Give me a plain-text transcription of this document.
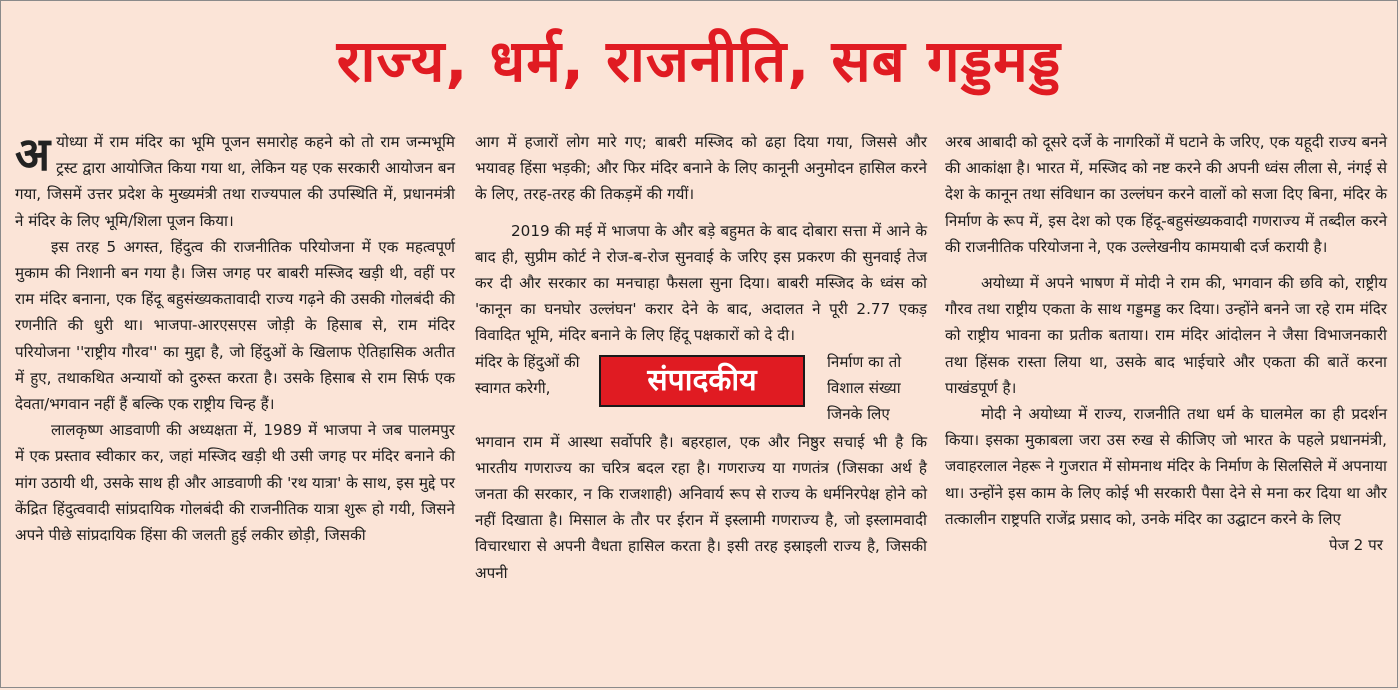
राज्य, धर्म, राजनीति, सब गड्डमड्ड

अयोध्या में राम मंदिर का भूमि पूजन समारोह कहने को तो राम जन्मभूमि ट्रस्ट द्वारा आयोजित किया गया था, लेकिन यह एक सरकारी आयोजन बन गया, जिसमें उत्तर प्रदेश के मुख्यमंत्री तथा राज्यपाल की उपस्थिति में, प्रधानमंत्री ने मंदिर के लिए भूमि/शिला पूजन किया।

इस तरह 5 अगस्त, हिंदुत्व की राजनीतिक परियोजना में एक महत्वपूर्ण मुकाम की निशानी बन गया है। जिस जगह पर बाबरी मस्जिद खड़ी थी, वहीं पर राम मंदिर बनाना, एक हिंदू बहुसंख्यकतावादी राज्य गढ़ने की उसकी गोलबंदी की रणनीति की धुरी था। भाजपा-आरएसएस जोड़ी के हिसाब से, राम मंदिर परियोजना ''राष्ट्रीय गौरव'' का मुद्दा है, जो हिंदुओं के खिलाफ ऐतिहासिक अतीत में हुए, तथाकथित अन्यायों को दुरुस्त करता है। उसके हिसाब से राम सिर्फ एक देवता/भगवान नहीं हैं बल्कि एक राष्ट्रीय चिन्ह हैं।

लालकृष्ण आडवाणी की अध्यक्षता में, 1989 में भाजपा ने जब पालमपुर में एक प्रस्ताव स्वीकार कर, जहां मस्जिद खड़ी थी उसी जगह पर मंदिर बनाने की मांग उठायी थी, उसके साथ ही और आडवाणी की 'रथ यात्रा' के साथ, इस मुद्दे पर केंद्रित हिंदुत्ववादी सांप्रदायिक गोलबंदी की राजनीतिक यात्रा शुरू हो गयी, जिसने अपने पीछे सांप्रदायिक हिंसा की जलती हुई लकीर छोड़ी, जिसकी

आग में हजारों लोग मारे गए; बाबरी मस्जिद को ढहा दिया गया, जिससे और भयावह हिंसा भड़की; और फिर मंदिर बनाने के लिए कानूनी अनुमोदन हासिल करने के लिए, तरह-तरह की तिकड़में की गयीं।

2019 की मई में भाजपा के और बड़े बहुमत के बाद दोबारा सत्ता में आने के बाद ही, सुप्रीम कोर्ट ने रोज-ब-रोज सुनवाई के जरिए इस प्रकरण की सुनवाई तेज कर दी और सरकार का मनचाहा फैसला सुना दिया। बाबरी मस्जिद के ध्वंस को 'कानून का घनघोर उल्लंघन' करार देने के बाद, अदालत ने पूरी 2.77 एकड़ विवादित भूमि, मंदिर बनाने के लिए हिंदू पक्षकारों को दे दी।

मंदिर के हिंदुओं की स्वागत करेगी,	संपादकीय
निर्माण का तो विशाल संख्या जिनके लिए

भगवान राम में आस्था सर्वोपरि है। बहरहाल, एक और निष्ठुर सचाई भी है कि भारतीय गणराज्य का चरित्र बदल रहा है। गणराज्य या गणतंत्र (जिसका अर्थ है जनता की सरकार, न कि राजशाही) अनिवार्य रूप से राज्य के धर्मनिरपेक्ष होने को नहीं दिखाता है। मिसाल के तौर पर ईरान में इस्लामी गणराज्य है, जो इस्लामवादी विचारधारा से अपनी वैधता हासिल करता है। इसी तरह इस्राइली राज्य है, जिसकी अपनी

अरब आबादी को दूसरे दर्जे के नागरिकों में घटाने के जरिए, एक यहूदी राज्य बनने की आकांक्षा है। भारत में, मस्जिद को नष्ट करने की अपनी ध्वंस लीला से, नंगई से देश के कानून तथा संविधान का उल्लंघन करने वालों को सजा दिए बिना, मंदिर के निर्माण के रूप में, इस देश को एक हिंदू-बहुसंख्यकवादी गणराज्य में तब्दील करने की राजनीतिक परियोजना ने, एक उल्लेखनीय कामयाबी दर्ज करायी है।

अयोध्या में अपने भाषण में मोदी ने राम की, भगवान की छवि को, राष्ट्रीय गौरव तथा राष्ट्रीय एकता के साथ गड्डमड्ड कर दिया। उन्होंने बनने जा रहे राम मंदिर को राष्ट्रीय भावना का प्रतीक बताया। राम मंदिर आंदोलन ने जैसा विभाजनकारी तथा हिंसक रास्ता लिया था, उसके बाद भाईचारे और एकता की बातें करना पाखंडपूर्ण है।

मोदी ने अयोध्या में राज्य, राजनीति तथा धर्म के घालमेल का ही प्रदर्शन किया। इसका मुकाबला जरा उस रुख से कीजिए जो भारत के पहले प्रधानमंत्री, जवाहरलाल नेहरू ने गुजरात में सोमनाथ मंदिर के निर्माण के सिलसिले में अपनाया था। उन्होंने इस काम के लिए कोई भी सरकारी पैसा देने से मना कर दिया था और तत्कालीन राष्ट्रपति राजेंद्र प्रसाद को, उनके मंदिर का उद्घाटन करने के लिए

पेज 2 पर
